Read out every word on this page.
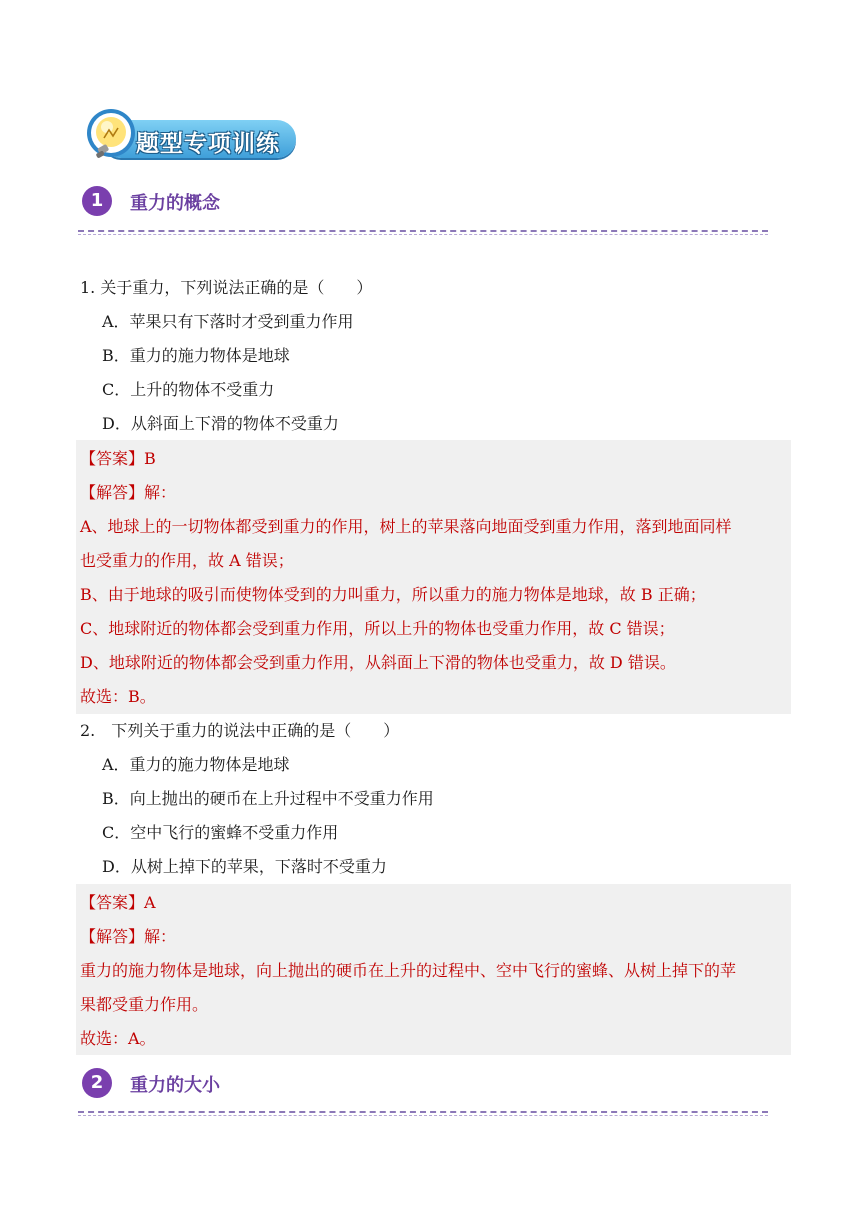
题型专项训练
1	重力的概念
1. 关于重力，下列说法正确的是（　　）
A．苹果只有下落时才受到重力作用
B．重力的施力物体是地球
C．上升的物体不受重力
D．从斜面上下滑的物体不受重力
【答案】B
【解答】解：
A、地球上的一切物体都受到重力的作用，树上的苹果落向地面受到重力作用，落到地面同样
也受重力的作用，故 A 错误；
B、由于地球的吸引而使物体受到的力叫重力，所以重力的施力物体是地球，故 B 正确；
C、地球附近的物体都会受到重力作用，所以上升的物体也受重力作用，故 C 错误；
D、地球附近的物体都会受到重力作用，从斜面上下滑的物体也受重力，故 D 错误。
故选：B。
2.　下列关于重力的说法中正确的是（　　）
A．重力的施力物体是地球
B．向上抛出的硬币在上升过程中不受重力作用
C．空中飞行的蜜蜂不受重力作用
D．从树上掉下的苹果，下落时不受重力
【答案】A
【解答】解：
重力的施力物体是地球，向上抛出的硬币在上升的过程中、空中飞行的蜜蜂、从树上掉下的苹
果都受重力作用。
故选：A。
2	重力的大小
